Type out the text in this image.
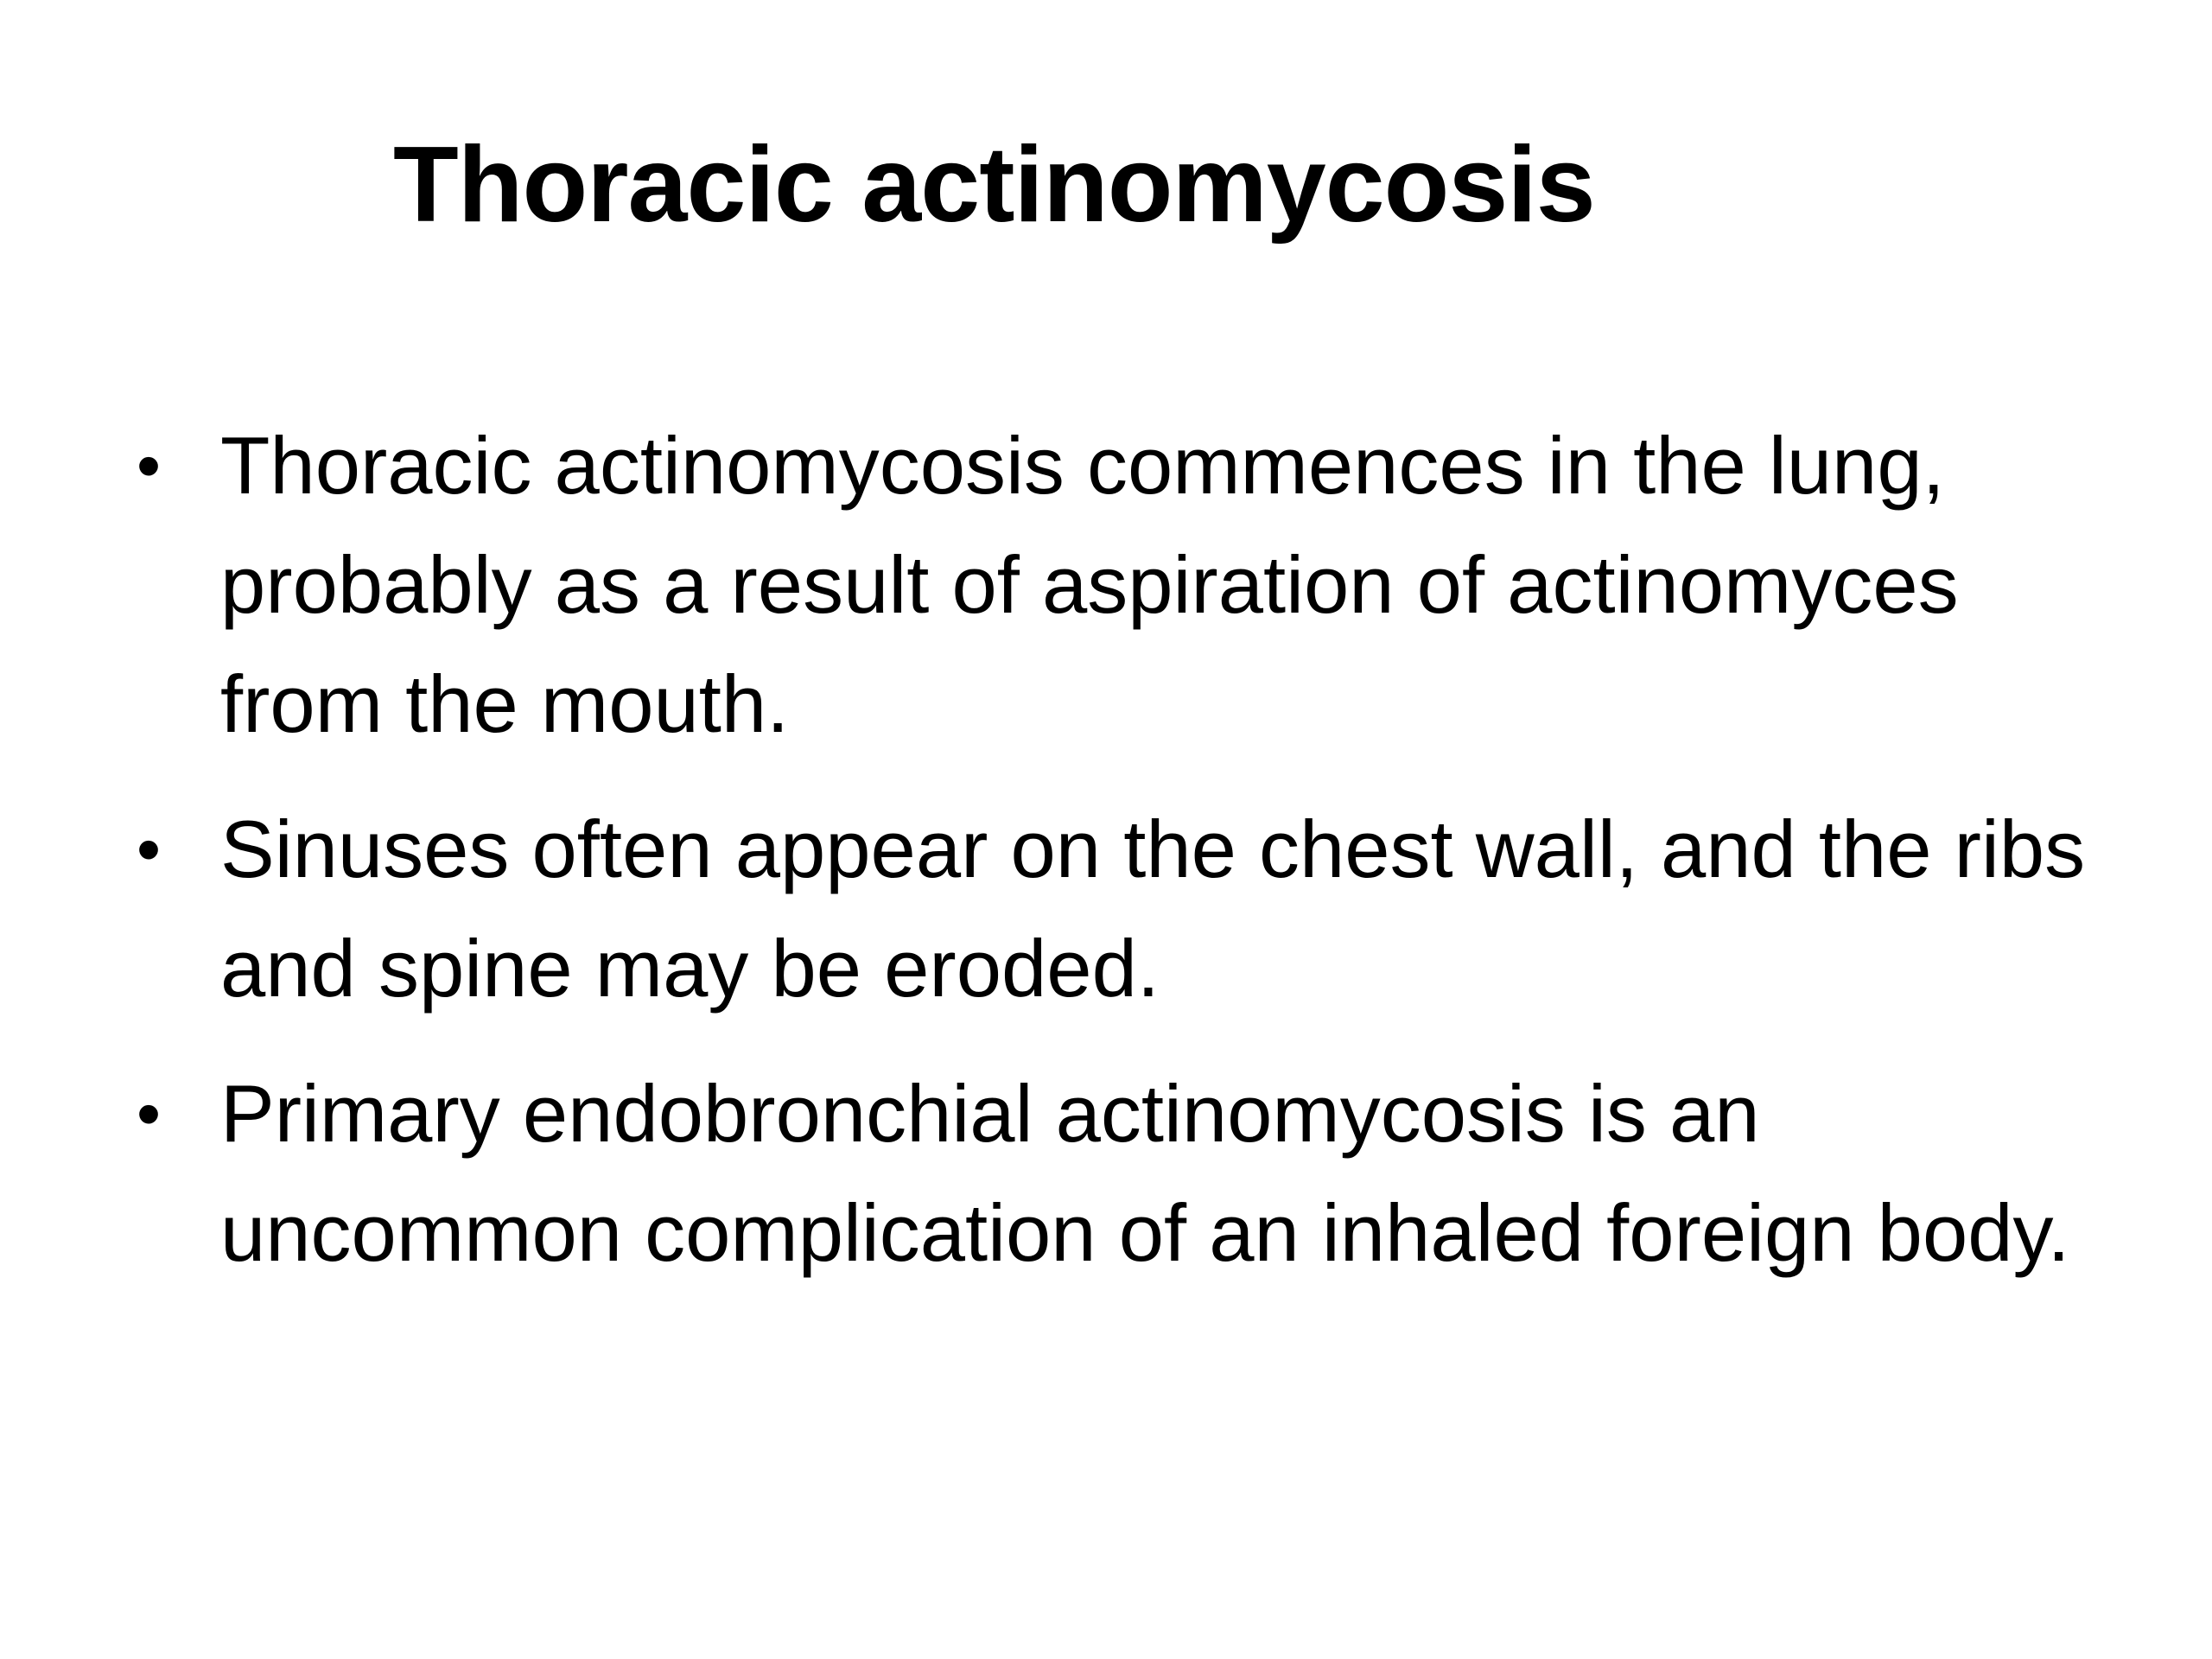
Thoracic actinomycosis
• Thoracic actinomycosis commences in the lung, probably as a result of aspiration of actinomyces from the mouth.
• Sinuses often appear on the chest wall, and the ribs and spine may be eroded.
• Primary endobronchial actinomycosis is an uncommon complication of an inhaled foreign body.
